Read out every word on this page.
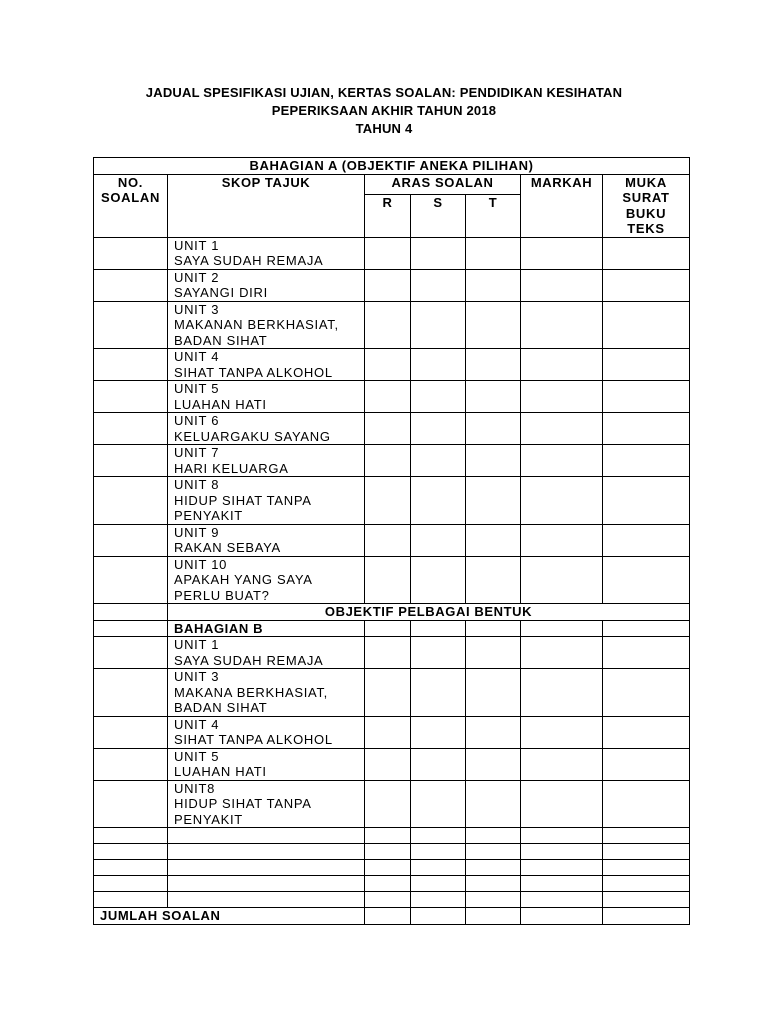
JADUAL SPESIFIKASI UJIAN, KERTAS SOALAN: PENDIDIKAN KESIHATAN
PEPERIKSAAN AKHIR TAHUN 2018
TAHUN 4
BAHAGIAN A (OBJEKTIF ANEKA PILIHAN)						

NO.
SOALAN	SKOP TAJUK	ARAS SOALAN			MARKAH	MUKA
SURAT
BUKU
TEKS

		R	S	T		

	UNIT 1
SAYA SUDAH REMAJA					

	UNIT 2
SAYANGI DIRI					

	UNIT 3
MAKANAN BERKHASIAT,
BADAN SIHAT					

	UNIT 4
SIHAT TANPA ALKOHOL					

	UNIT 5
LUAHAN HATI					

	UNIT 6
KELUARGAKU SAYANG					

	UNIT 7
HARI KELUARGA					

	UNIT 8
HIDUP SIHAT TANPA
PENYAKIT					

	UNIT 9
RAKAN SEBAYA					

	UNIT 10
APAKAH YANG SAYA
PERLU BUAT?					

	OBJEKTIF PELBAGAI BENTUK					
	BAHAGIAN B					

	UNIT 1
SAYA SUDAH REMAJA					

	UNIT 3
MAKANA BERKHASIAT,
BADAN SIHAT					

	UNIT 4
SIHAT TANPA ALKOHOL					

	UNIT 5
LUAHAN HATI					

	UNIT8
HIDUP SIHAT TANPA
PENYAKIT					

JUMLAH SOALAN						
